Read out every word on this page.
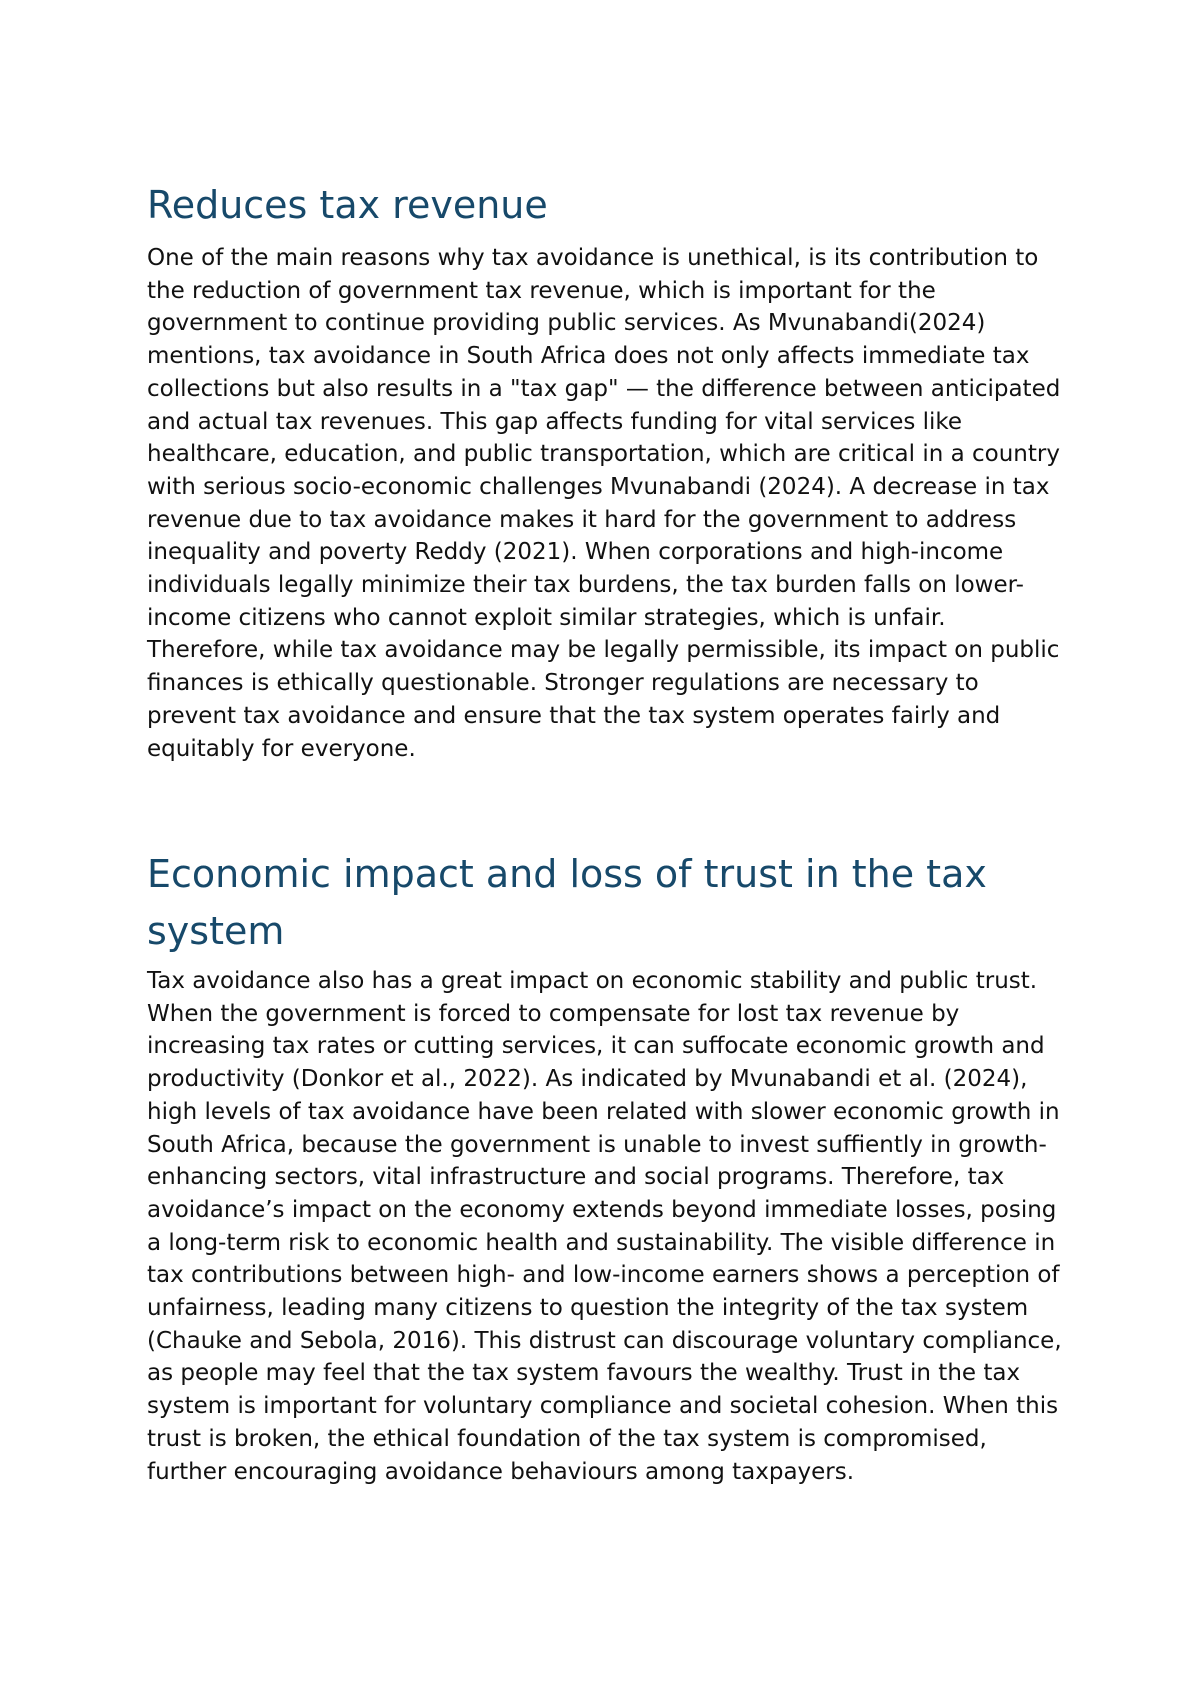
Reduces tax revenue

One of the main reasons why tax avoidance is unethical, is its contribution to the reduction of government tax revenue, which is important for the government to continue providing public services. As Mvunabandi(2024) mentions, tax avoidance in South Africa does not only affects immediate tax collections but also results in a "tax gap" — the difference between anticipated and actual tax revenues. This gap affects funding for vital services like healthcare, education, and public transportation, which are critical in a country with serious socio-economic challenges Mvunabandi (2024). A decrease in tax revenue due to tax avoidance makes it hard for the government to address inequality and poverty Reddy (2021). When corporations and high-income individuals legally minimize their tax burdens, the tax burden falls on lower-income citizens who cannot exploit similar strategies, which is unfair. Therefore, while tax avoidance may be legally permissible, its impact on public finances is ethically questionable. Stronger regulations are necessary to prevent tax avoidance and ensure that the tax system operates fairly and equitably for everyone.

Economic impact and loss of trust in the tax system

Tax avoidance also has a great impact on economic stability and public trust. When the government is forced to compensate for lost tax revenue by increasing tax rates or cutting services, it can suffocate economic growth and productivity (Donkor et al., 2022). As indicated by Mvunabandi et al. (2024), high levels of tax avoidance have been related with slower economic growth in South Africa, because the government is unable to invest suffiently in growth-enhancing sectors, vital infrastructure and social programs. Therefore, tax avoidance’s impact on the economy extends beyond immediate losses, posing a long-term risk to economic health and sustainability. The visible difference in tax contributions between high- and low-income earners shows a perception of unfairness, leading many citizens to question the integrity of the tax system (Chauke and Sebola, 2016). This distrust can discourage voluntary compliance, as people may feel that the tax system favours the wealthy. Trust in the tax system is important for voluntary compliance and societal cohesion. When this trust is broken, the ethical foundation of the tax system is compromised, further encouraging avoidance behaviours among taxpayers.
